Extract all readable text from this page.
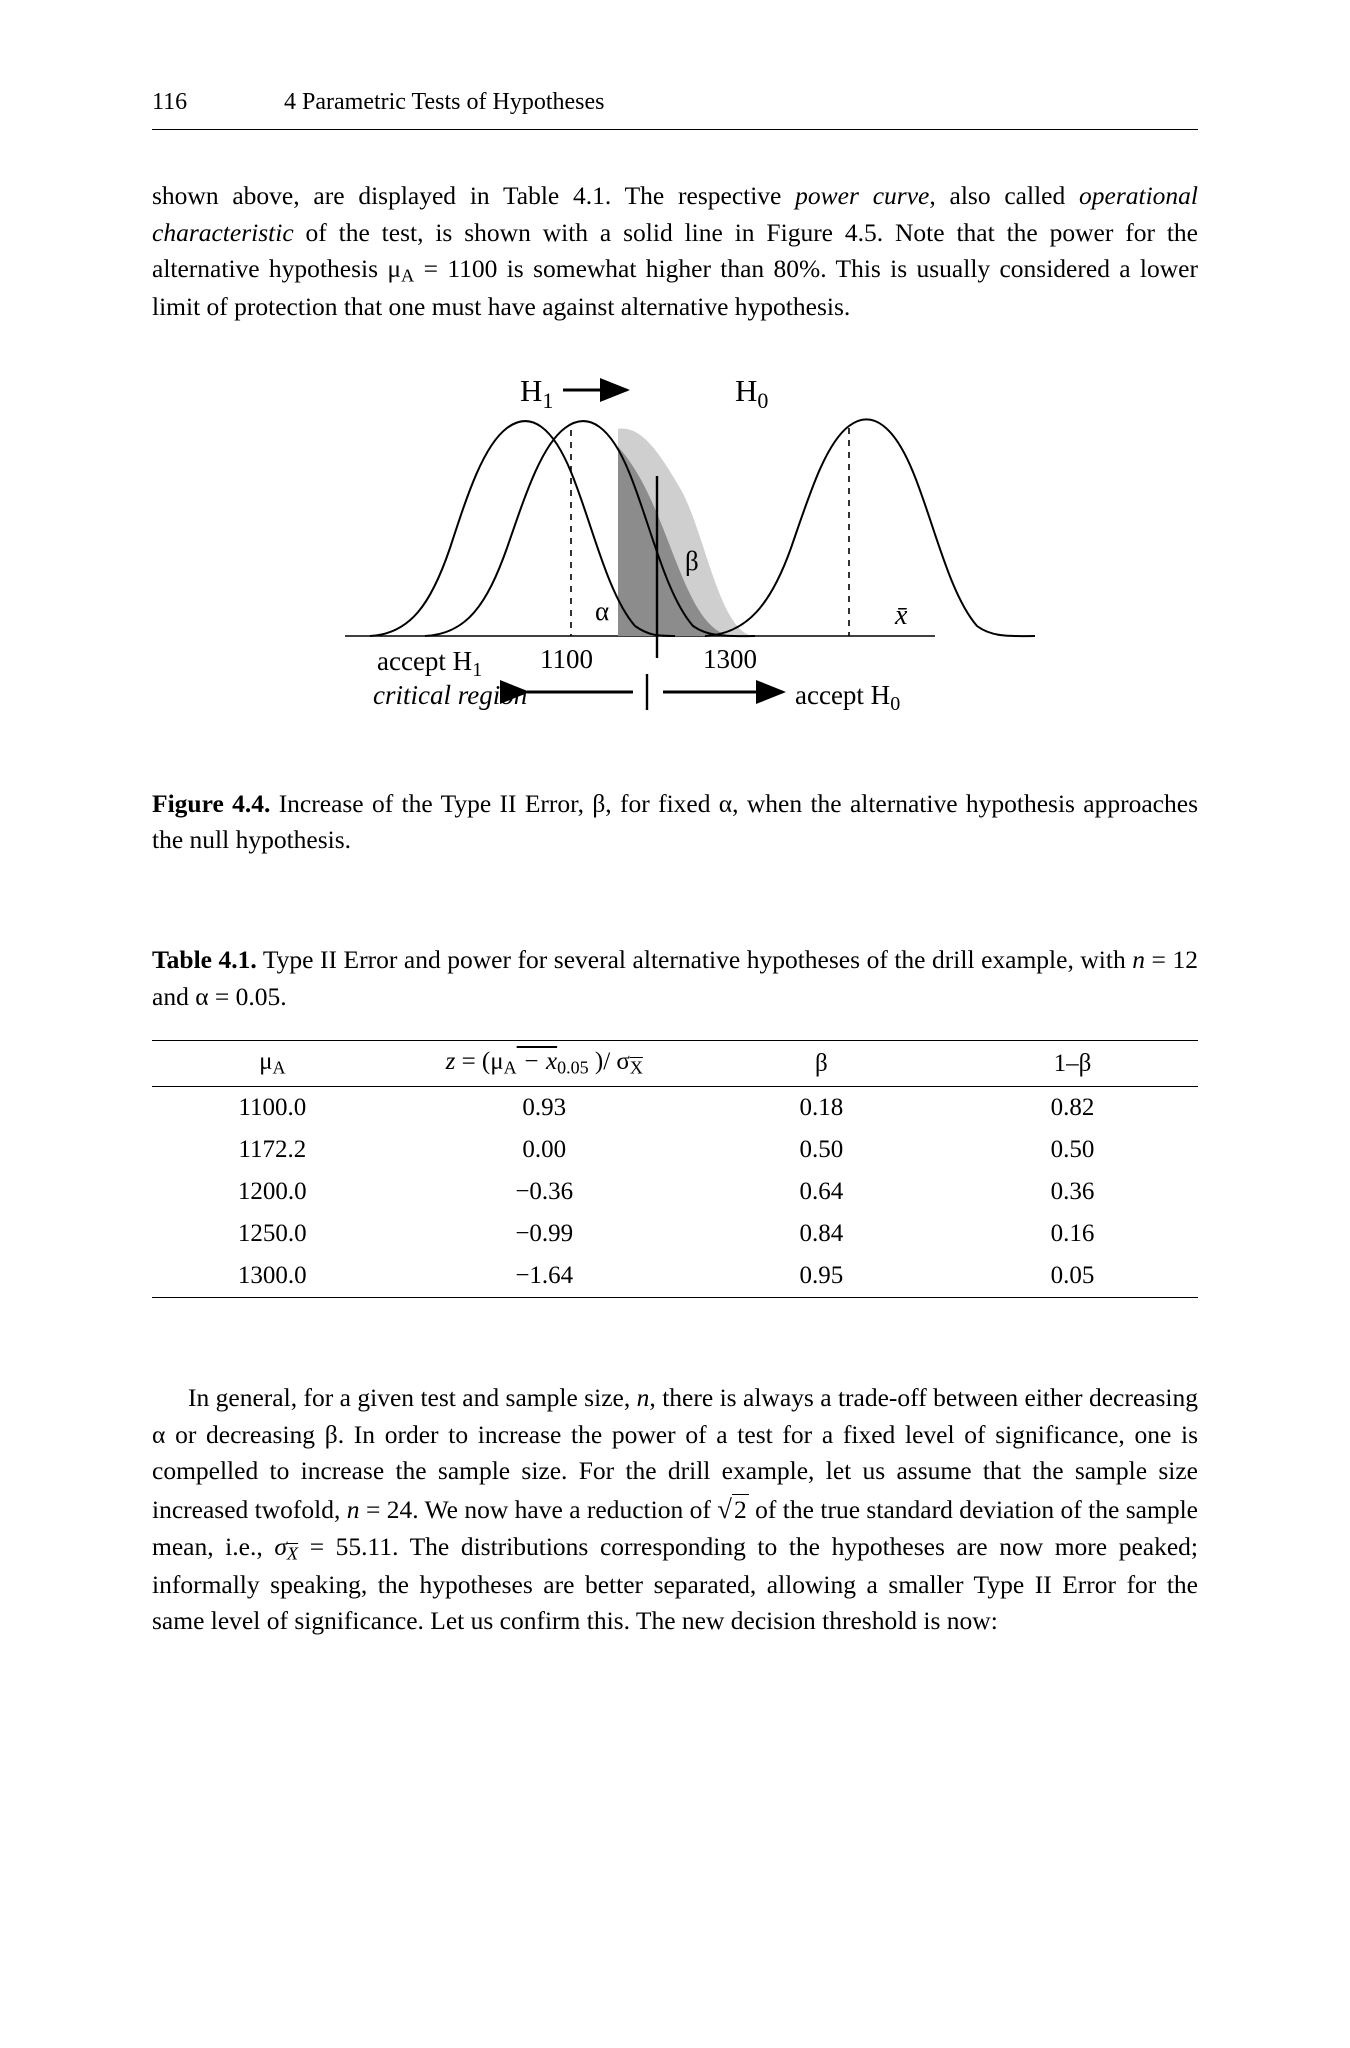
116	4 Parametric Tests of Hypotheses

shown above, are displayed in Table 4.1. The respective power curve, also called operational characteristic of the test, is shown with a solid line in Figure 4.5. Note that the power for the alternative hypothesis $\mu_A = 1100$ is somewhat higher than 80%. This is usually considered a lower limit of protection that one must have against alternative hypothesis.

$H_1$	$H_0$
α
β
x̄
1100	1300
accept $H_1$
critical region	accept $H_0$

Figure 4.4. Increase of the Type II Error, β, for fixed α, when the alternative hypothesis approaches the null hypothesis.

Table 4.1. Type II Error and power for several alternative hypotheses of the drill example, with n = 12 and α = 0.05.

$\mu_A$	$z = (\mu_A - x_{0.05}$ )/ $\sigma_{\overline{X}}$	β	1–β
1100.0	0.93	0.18	0.82
1172.2	0.00	0.50	0.50
1200.0	−0.36	0.64	0.36
1250.0	−0.99	0.84	0.16
1300.0	−1.64	0.95	0.05

In general, for a given test and sample size, n, there is always a trade-off between either decreasing α or decreasing β. In order to increase the power of a test for a fixed level of significance, one is compelled to increase the sample size. For the drill example, let us assume that the sample size increased twofold, n = 24. We now have a reduction of √2 of the true standard deviation of the sample mean, i.e., $\sigma_{\overline{X}} = 55.11$. The distributions corresponding to the hypotheses are now more peaked; informally speaking, the hypotheses are better separated, allowing a smaller Type II Error for the same level of significance. Let us confirm this. The new decision threshold is now:
